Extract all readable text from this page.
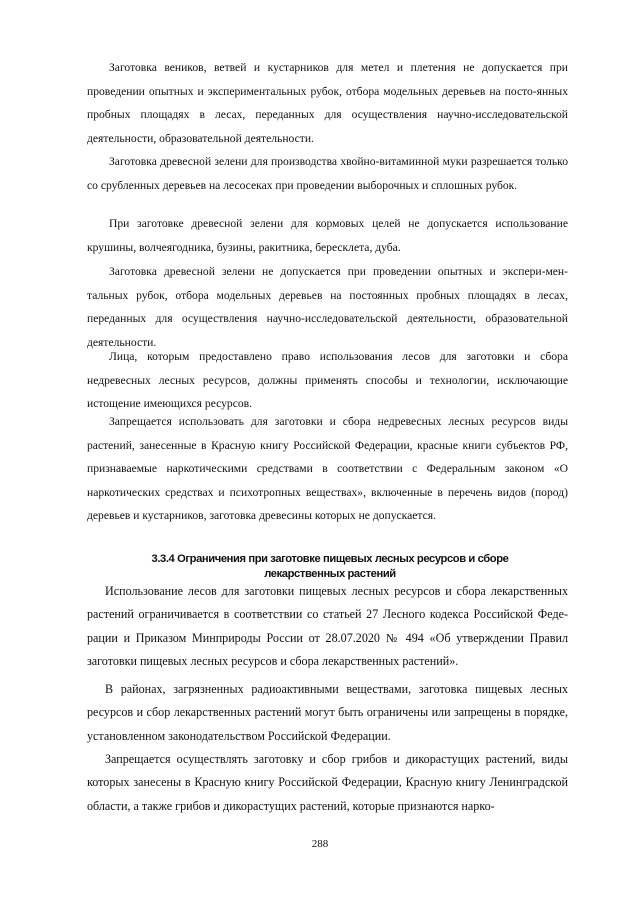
Заготовка веников, ветвей и кустарников для метел и плетения не допускается при проведении опытных и экспериментальных рубок, отбора модельных деревьев на посто-янных пробных площадях в лесах, переданных для осуществления научно-исследовательской деятельности, образовательной деятельности.

Заготовка древесной зелени для производства хвойно-витаминной муки разрешается только со срубленных деревьев на лесосеках при проведении выборочных и сплошных рубок.

При заготовке древесной зелени для кормовых целей не допускается использование крушины, волчеягодника, бузины, ракитника, бересклета, дуба.

Заготовка древесной зелени не допускается при проведении опытных и экспери-мен-тальных рубок, отбора модельных деревьев на постоянных пробных площадях в лесах, переданных для осуществления научно-исследовательской деятельности, образовательной деятельности.

Лица, которым предоставлено право использования лесов для заготовки и сбора недревесных лесных ресурсов, должны применять способы и технологии, исключающие истощение имеющихся ресурсов.

Запрещается использовать для заготовки и сбора недревесных лесных ресурсов виды растений, занесенные в Красную книгу Российской Федерации, красные книги субъектов РФ, признаваемые наркотическими средствами в соответствии с Федеральным законом «О наркотических средствах и психотропных веществах», включенные в перечень видов (пород) деревьев и кустарников, заготовка древесины которых не допускается.

3.3.4 Ограничения при заготовке пищевых лесных ресурсов и сборе
лекарственных растений

Использование лесов для заготовки пищевых лесных ресурсов и сбора лекарственных растений ограничивается в соответствии со статьей 27 Лесного кодекса Российской Феде-рации и Приказом Минприроды России от 28.07.2020 № 494 «Об утверждении Правил заготовки пищевых лесных ресурсов и сбора лекарственных растений».

В районах, загрязненных радиоактивными веществами, заготовка пищевых лесных ресурсов и сбор лекарственных растений могут быть ограничены или запрещены в порядке, установленном законодательством Российской Федерации.

Запрещается осуществлять заготовку и сбор грибов и дикорастущих растений, виды которых занесены в Красную книгу Российской Федерации, Красную книгу Ленинградской области, а также грибов и дикорастущих растений, которые признаются нарко-

288
